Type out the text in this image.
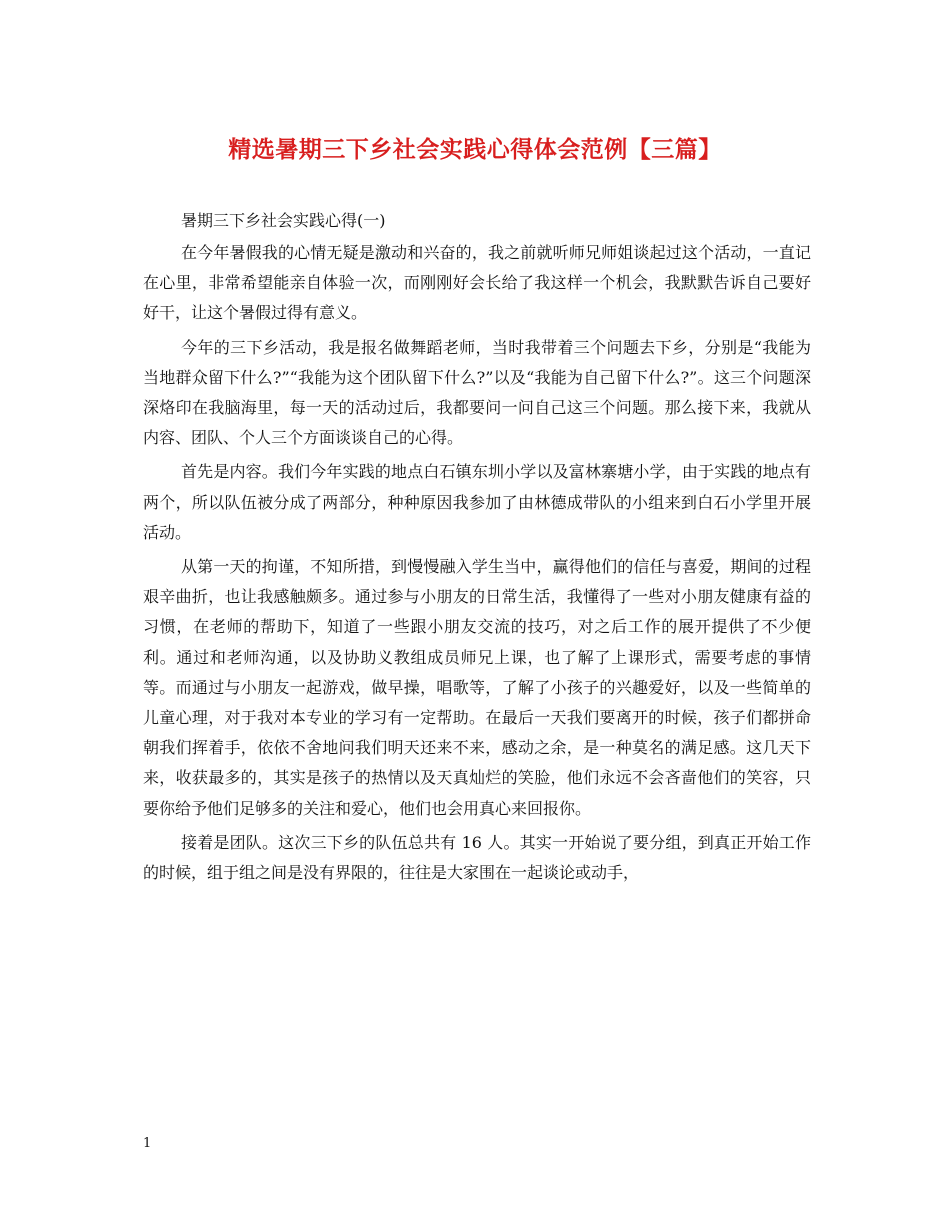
精选暑期三下乡社会实践心得体会范例【三篇】
暑期三下乡社会实践心得(一)

在今年暑假我的心情无疑是激动和兴奋的，我之前就听师兄师姐谈起过这个活动，一直记在心里，非常希望能亲自体验一次，而刚刚好会长给了我这样一个机会，我默默告诉自己要好好干，让这个暑假过得有意义。

今年的三下乡活动，我是报名做舞蹈老师，当时我带着三个问题去下乡，分别是“我能为当地群众留下什么?”“我能为这个团队留下什么?”以及“我能为自己留下什么?”。这三个问题深深烙印在我脑海里，每一天的活动过后，我都要问一问自己这三个问题。那么接下来，我就从内容、团队、个人三个方面谈谈自己的心得。

首先是内容。我们今年实践的地点白石镇东圳小学以及富林寨塘小学，由于实践的地点有两个，所以队伍被分成了两部分，种种原因我参加了由林德成带队的小组来到白石小学里开展活动。

从第一天的拘谨，不知所措，到慢慢融入学生当中，赢得他们的信任与喜爱，期间的过程艰辛曲折，也让我感触颇多。通过参与小朋友的日常生活，我懂得了一些对小朋友健康有益的习惯，在老师的帮助下，知道了一些跟小朋友交流的技巧，对之后工作的展开提供了不少便利。通过和老师沟通，以及协助义教组成员师兄上课，也了解了上课形式，需要考虑的事情等。而通过与小朋友一起游戏，做早操，唱歌等，了解了小孩子的兴趣爱好，以及一些简单的儿童心理，对于我对本专业的学习有一定帮助。在最后一天我们要离开的时候，孩子们都拼命朝我们挥着手，依依不舍地问我们明天还来不来，感动之余，是一种莫名的满足感。这几天下来，收获最多的，其实是孩子的热情以及天真灿烂的笑脸，他们永远不会吝啬他们的笑容，只要你给予他们足够多的关注和爱心，他们也会用真心来回报你。

接着是团队。这次三下乡的队伍总共有 16 人。其实一开始说了要分组，到真正开始工作的时候，组于组之间是没有界限的，往往是大家围在一起谈论或动手，

1
